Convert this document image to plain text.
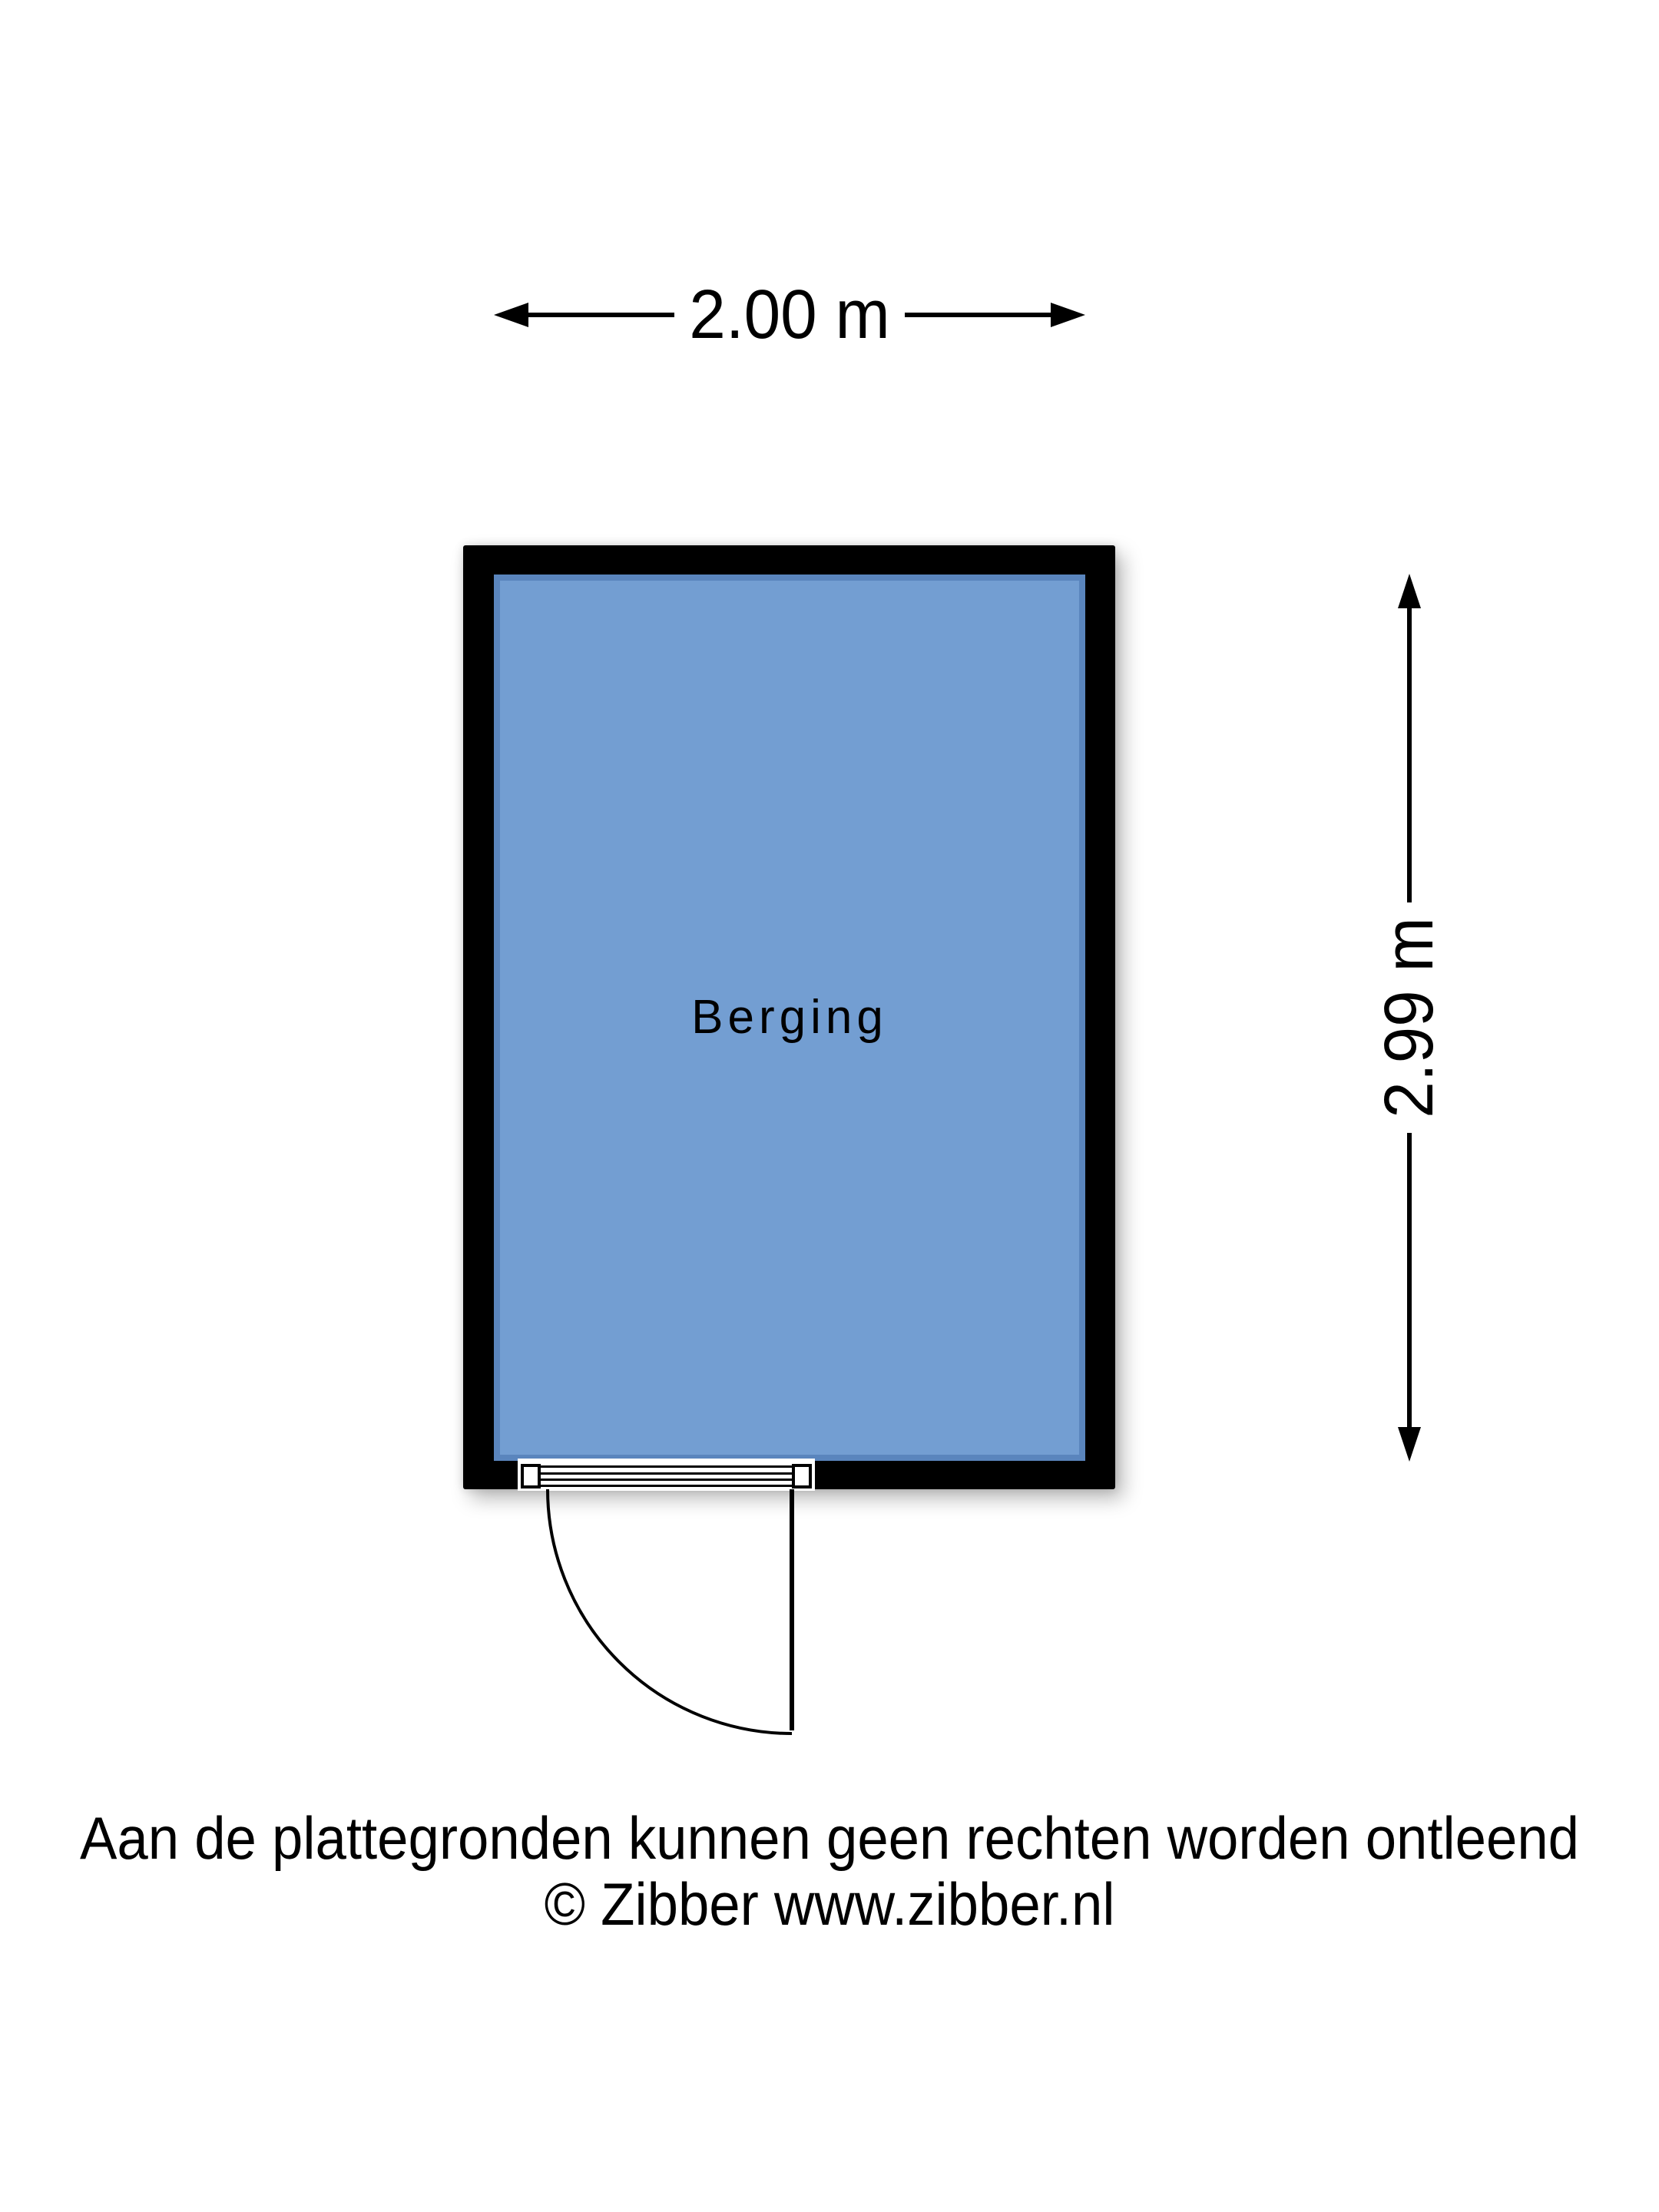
2.00 m
2.99 m
Berging
Aan de plattegronden kunnen geen rechten worden ontleend
© Zibber www.zibber.nl
